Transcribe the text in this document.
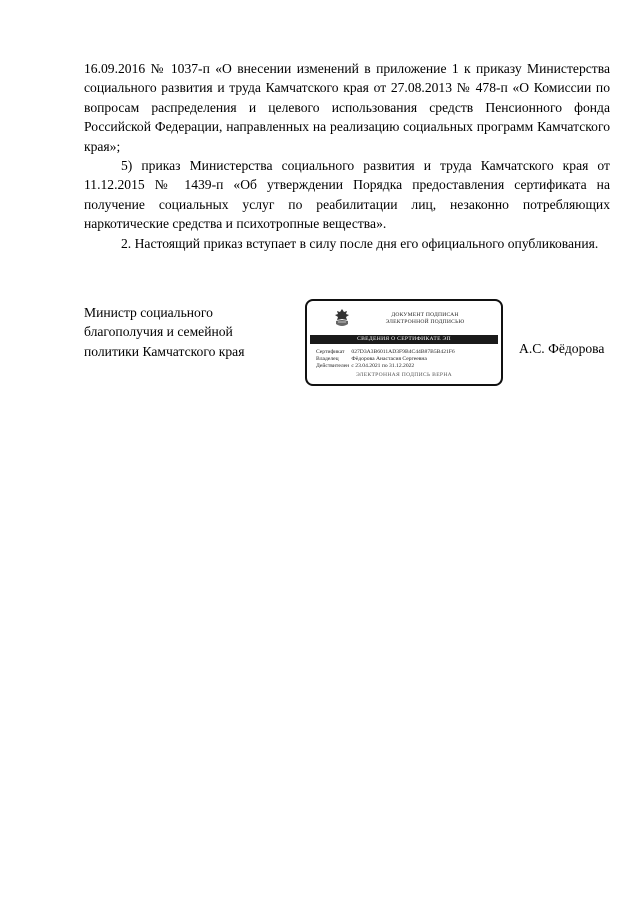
16.09.2016 № 1037-п «О внесении изменений в приложение 1 к приказу Министерства социального развития и труда Камчатского края от 27.08.2013 № 478-п «О Комиссии по вопросам распределения и целевого использования средств Пенсионного фонда Российской Федерации, направленных на реализацию социальных программ Камчатского края»;

5) приказ Министерства социального развития и труда Камчатского края от 11.12.2015 № 1439-п «Об утверждении Порядка предоставления сертификата на получение социальных услуг по реабилитации лиц, незаконно потребляющих наркотические средства и психотропные вещества».

2. Настоящий приказ вступает в силу после дня его официального опубликования.

Министр социального
благополучия и семейной
политики Камчатского края
ДОКУМЕНТ ПОДПИСАН
ЭЛЕКТРОННОЙ ПОДПИСЬЮ
СВЕДЕНИЯ О СЕРТИФИКАТЕ ЭП
Сертификат 027D3A3B6011AD3F9B4C44B87B5B421F6
Владелец Фёдорова Анастасия Сергеевна
Действителен с 23.04.2021 по 31.12.2022
ЭЛЕКТРОННАЯ ПОДПИСЬ ВЕРНА
А.С. Фёдорова
